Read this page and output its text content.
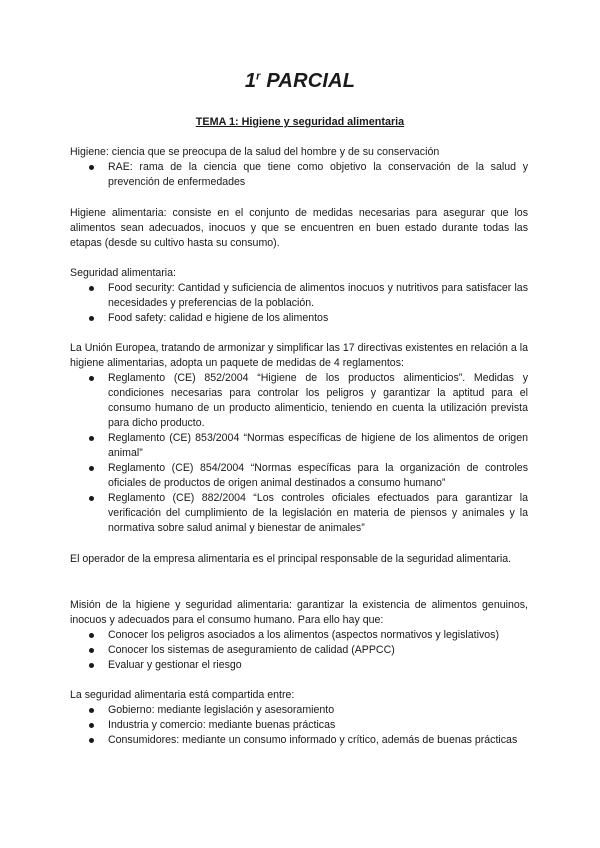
1$^r$ PARCIAL
TEMA 1: Higiene y seguridad alimentaria

Higiene: ciencia que se preocupa de la salud del hombre y de su conservación

RAE: rama de la ciencia que tiene como objetivo la conservación de la salud y prevención de enfermedades

Higiene alimentaria: consiste en el conjunto de medidas necesarias para asegurar que los alimentos sean adecuados, inocuos y que se encuentren en buen estado durante todas las etapas (desde su cultivo hasta su consumo).

Seguridad alimentaria:

Food security: Cantidad y suficiencia de alimentos inocuos y nutritivos para satisfacer las necesidades y preferencias de la población.
Food safety: calidad e higiene de los alimentos

La Unión Europea, tratando de armonizar y simplificar las 17 directivas existentes en relación a la higiene alimentarias, adopta un paquete de medidas de 4 reglamentos:

Reglamento (CE) 852/2004 “Higiene de los productos alimenticios”. Medidas y condiciones necesarias para controlar los peligros y garantizar la aptitud para el consumo humano de un producto alimenticio, teniendo en cuenta la utilización prevista para dicho producto.
Reglamento (CE) 853/2004 “Normas específicas de higiene de los alimentos de origen animal”
Reglamento (CE) 854/2004 “Normas específicas para la organización de controles oficiales de productos de origen animal destinados a consumo humano”
Reglamento (CE) 882/2004 “Los controles oficiales efectuados para garantizar la verificación del cumplimiento de la legislación en materia de piensos y animales y la normativa sobre salud animal y bienestar de animales”

El operador de la empresa alimentaria es el principal responsable de la seguridad alimentaria.

Misión de la higiene y seguridad alimentaria: garantizar la existencia de alimentos genuinos, inocuos y adecuados para el consumo humano. Para ello hay que:

Conocer los peligros asociados a los alimentos (aspectos normativos y legislativos)
Conocer los sistemas de aseguramiento de calidad (APPCC)
Evaluar y gestionar el riesgo

La seguridad alimentaria está compartida entre:

Gobierno: mediante legislación y asesoramiento
Industria y comercio: mediante buenas prácticas
Consumidores: mediante un consumo informado y crítico, además de buenas prácticas
